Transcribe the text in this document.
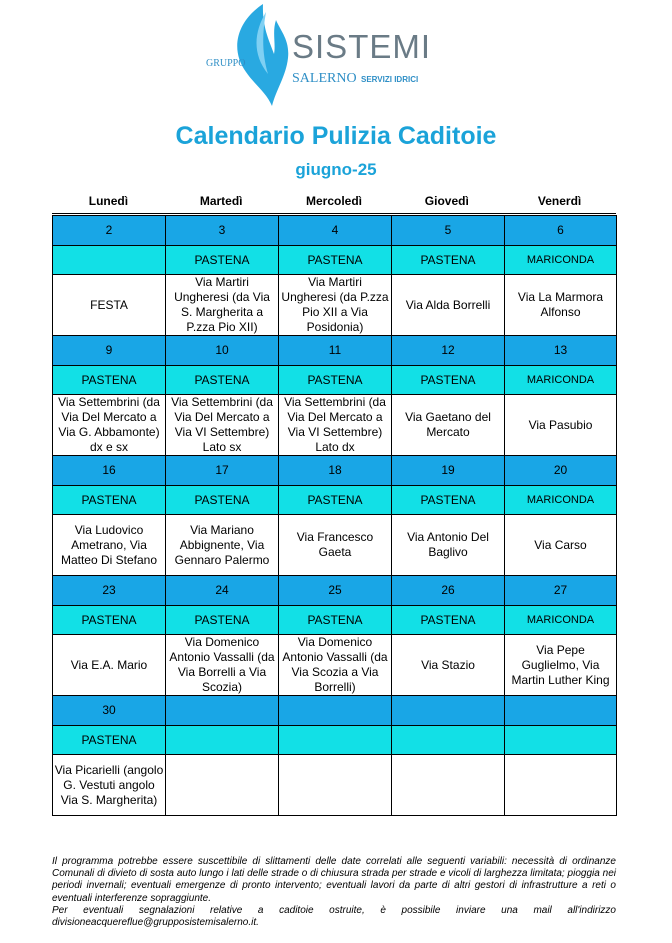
GRUPPO SISTEMI
SALERNO SERVIZI IDRICI
Calendario Pulizia Caditoie
giugno-25
Lunedì	Martedì	Mercoledì	Giovedì	Venerdì
2	3	4	5	6
	PASTENA	PASTENA	PASTENA	MARICONDA
FESTA	Via Martiri Ungheresi (da Via S. Margherita a P.zza Pio XII)	Via Martiri Ungheresi (da P.zza Pio XII a Via Posidonia)	Via Alda Borrelli	Via La Marmora Alfonso
9	10	11	12	13
PASTENA	PASTENA	PASTENA	PASTENA	MARICONDA
Via Settembrini (da Via Del Mercato a Via G. Abbamonte) dx e sx	Via Settembrini (da Via Del Mercato a Via VI Settembre) Lato sx	Via Settembrini (da Via Del Mercato a Via VI Settembre) Lato dx	Via Gaetano del Mercato	Via Pasubio
16	17	18	19	20
PASTENA	PASTENA	PASTENA	PASTENA	MARICONDA
Via Ludovico Ametrano, Via Matteo Di Stefano	Via Mariano Abbignente, Via Gennaro Palermo	Via Francesco Gaeta	Via Antonio Del Baglivo	Via Carso
23	24	25	26	27
PASTENA	PASTENA	PASTENA	PASTENA	MARICONDA
Via E.A. Mario	Via Domenico Antonio Vassalli (da Via Borrelli a Via Scozia)	Via Domenico Antonio Vassalli (da Via Scozia a Via Borrelli)	Via Stazio	Via Pepe Guglielmo, Via Martin Luther King
30				
PASTENA				
Via Picarielli (angolo G. Vestuti angolo Via S. Margherita)				

Il programma potrebbe essere suscettibile di slittamenti delle date correlati alle seguenti variabili: necessità di ordinanze Comunali di divieto di sosta auto lungo i lati delle strade o di chiusura strada per strade e vicoli di larghezza limitata; pioggia nei periodi invernali; eventuali emergenze di pronto intervento; eventuali lavori da parte di altri gestori di infrastrutture a reti o eventuali interferenze sopraggiunte.

Per eventuali segnalazioni relative a caditoie ostruite, è possibile inviare una mail all'indirizzo divisioneacquereflue@grupposistemisalerno.it.
